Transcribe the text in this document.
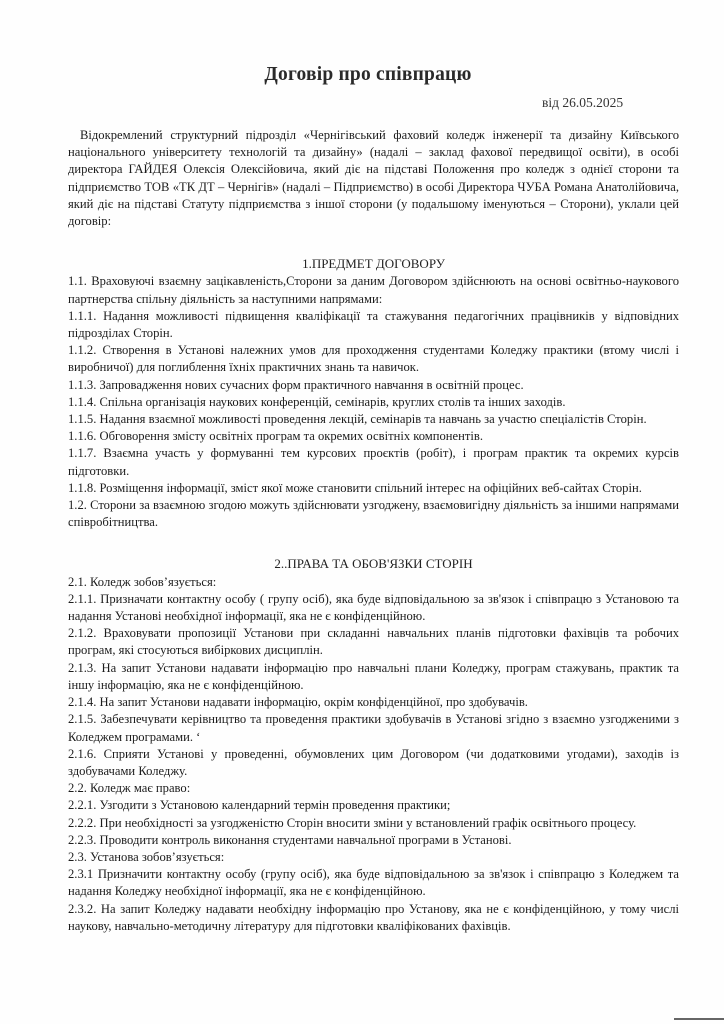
Договір про співпрацю
від 26.05.2025

Відокремлений структурний підрозділ «Чернігівський фаховий коледж інженерії та дизайну Київського національного університету технологій та дизайну» (надалі – заклад фахової передвищої освіти), в особі директора ГАЙДЕЯ Олексія Олексійовича, який діє на підставі Положення про коледж з однієї сторони та підприємство ТОВ «ТК ДТ – Чернігів» (надалі – Підприємство) в особі Директора ЧУБА Романа Анатолійовича, який діє на підставі Статуту підприємства з іншої сторони (у подальшому іменуються – Сторони), уклали цей договір:

1.ПРЕДМЕТ ДОГОВОРУ

1.1. Враховуючі взаємну зацікавленість,Сторони за даним Договором здійснюють на основі освітньо-наукового партнерства спільну діяльність за наступними напрямами:

1.1.1. Надання можливості підвищення кваліфікації та стажування педагогічних працівників у відповідних підрозділах Сторін.

1.1.2. Створення в Установі належних умов для проходження студентами Коледжу практики (втому числі і виробничої) для поглиблення їхніх практичних знань та навичок.

1.1.3. Запровадження нових сучасних форм практичного навчання в освітній процес.

1.1.4. Спільна організація наукових конференцій, семінарів, круглих столів та інших заходів.

1.1.5. Надання взаємної можливості проведення лекцій, семінарів та навчань за участю спеціалістів Сторін.

1.1.6. Обговорення змісту освітніх програм та окремих освітніх компонентів.

1.1.7. Взаємна участь у формуванні тем курсових проєктів (робіт), і програм практик та окремих курсів підготовки.

1.1.8. Розміщення інформації, зміст якої може становити спільний інтерес на офіційних веб-сайтах Сторін.

1.2. Сторони за взаємною згодою можуть здійснювати узгоджену, взаємовигідну діяльність за іншими напрямами співробітництва.

2..ПРАВА ТА ОБОВ'ЯЗКИ СТОРІН

2.1. Коледж зобов’язується:

2.1.1. Призначати контактну особу ( групу осіб), яка буде відповідальною за зв'язок і співпрацю з Установою та надання Установі необхідної інформації, яка не є конфіденційною.

2.1.2. Враховувати пропозиції Установи при складанні навчальних планів підготовки фахівців та робочих програм, які стосуються вибіркових дисциплін.

2.1.3. На запит Установи надавати інформацію про навчальні плани Коледжу, програм стажувань, практик та іншу інформацію, яка не є конфіденційною.

2.1.4. На запит Установи надавати інформацію, окрім конфіденційної, про здобувачів.

2.1.5. Забезпечувати керівництво та проведення практики здобувачів в Установі згідно з взаємно узгодженими з Коледжем програмами. ‘

2.1.6. Сприяти Установі у проведенні, обумовлених цим Договором (чи додатковими угодами), заходів із здобувачами Коледжу.

2.2. Коледж має право:

2.2.1. Узгодити з Установою календарний термін проведення практики;

2.2.2. При необхідності за узгодженістю Сторін вносити зміни у встановлений графік освітнього процесу.

2.2.3. Проводити контроль виконання студентами навчальної програми в Установі.

2.3. Установа зобов’язується:

2.3.1 Призначити контактну особу (групу осіб), яка буде відповідальною за зв'язок і співпрацю з Коледжем та надання Коледжу необхідної інформації, яка не є конфіденційною.

2.3.2. На запит Коледжу надавати необхідну інформацію про Установу, яка не є конфіденційною, у тому числі наукову, навчально-методичну літературу для підготовки кваліфікованих фахівців.
